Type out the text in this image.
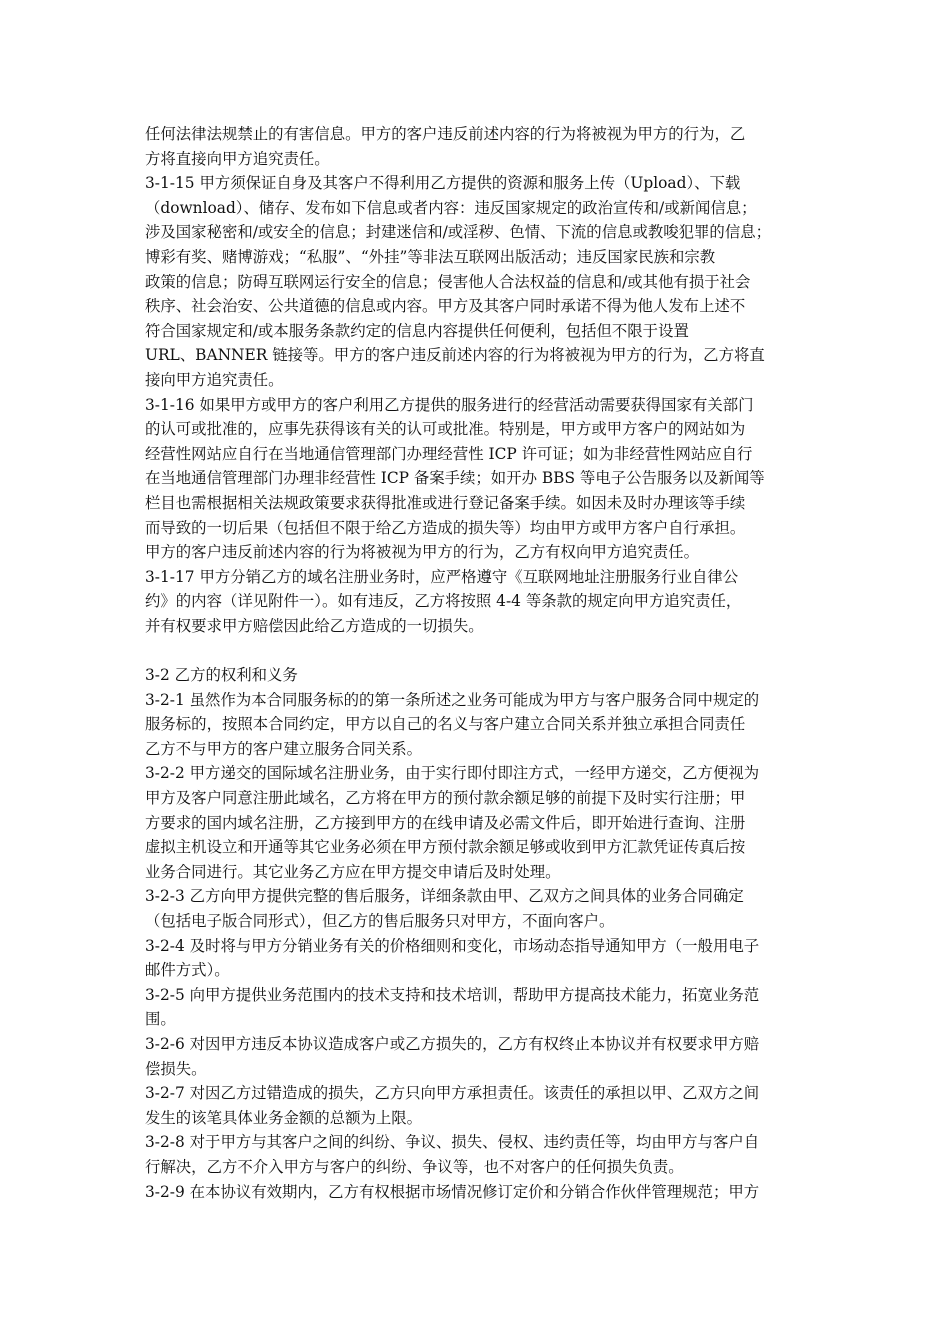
任何法律法规禁止的有害信息。甲方的客户违反前述内容的行为将被视为甲方的行为，乙
方将直接向甲方追究责任。

3-1-15 甲方须保证自身及其客户不得利用乙方提供的资源和服务上传（Upload）、下载
（download）、储存、发布如下信息或者内容：违反国家规定的政治宣传和/或新闻信息；
涉及国家秘密和/或安全的信息；封建迷信和/或淫秽、色情、下流的信息或教唆犯罪的信息；
博彩有奖、赌博游戏；“私服”、“外挂”等非法互联网出版活动；违反国家民族和宗教
政策的信息；防碍互联网运行安全的信息；侵害他人合法权益的信息和/或其他有损于社会
秩序、社会治安、公共道德的信息或内容。甲方及其客户同时承诺不得为他人发布上述不
符合国家规定和/或本服务条款约定的信息内容提供任何便利，包括但不限于设置
URL、BANNER 链接等。甲方的客户违反前述内容的行为将被视为甲方的行为，乙方将直
接向甲方追究责任。

3-1-16 如果甲方或甲方的客户利用乙方提供的服务进行的经营活动需要获得国家有关部门
的认可或批准的，应事先获得该有关的认可或批准。特别是，甲方或甲方客户的网站如为
经营性网站应自行在当地通信管理部门办理经营性 ICP 许可证；如为非经营性网站应自行
在当地通信管理部门办理非经营性 ICP 备案手续；如开办 BBS 等电子公告服务以及新闻等
栏目也需根据相关法规政策要求获得批准或进行登记备案手续。如因未及时办理该等手续
而导致的一切后果（包括但不限于给乙方造成的损失等）均由甲方或甲方客户自行承担。
甲方的客户违反前述内容的行为将被视为甲方的行为，乙方有权向甲方追究责任。

3-1-17 甲方分销乙方的域名注册业务时，应严格遵守《互联网地址注册服务行业自律公
约》的内容（详见附件一）。如有违反，乙方将按照 4-4 等条款的规定向甲方追究责任，
并有权要求甲方赔偿因此给乙方造成的一切损失。

3-2 乙方的权利和义务

3-2-1 虽然作为本合同服务标的的第一条所述之业务可能成为甲方与客户服务合同中规定的
服务标的，按照本合同约定，甲方以自己的名义与客户建立合同关系并独立承担合同责任
乙方不与甲方的客户建立服务合同关系。

3-2-2 甲方递交的国际域名注册业务，由于实行即付即注方式，一经甲方递交，乙方便视为
甲方及客户同意注册此域名，乙方将在甲方的预付款余额足够的前提下及时实行注册；甲
方要求的国内域名注册，乙方接到甲方的在线申请及必需文件后，即开始进行查询、注册
虚拟主机设立和开通等其它业务必须在甲方预付款余额足够或收到甲方汇款凭证传真后按
业务合同进行。其它业务乙方应在甲方提交申请后及时处理。

3-2-3 乙方向甲方提供完整的售后服务，详细条款由甲、乙双方之间具体的业务合同确定
（包括电子版合同形式），但乙方的售后服务只对甲方，不面向客户。

3-2-4 及时将与甲方分销业务有关的价格细则和变化，市场动态指导通知甲方（一般用电子
邮件方式）。

3-2-5 向甲方提供业务范围内的技术支持和技术培训，帮助甲方提高技术能力，拓宽业务范
围。

3-2-6 对因甲方违反本协议造成客户或乙方损失的，乙方有权终止本协议并有权要求甲方赔
偿损失。

3-2-7 对因乙方过错造成的损失，乙方只向甲方承担责任。该责任的承担以甲、乙双方之间
发生的该笔具体业务金额的总额为上限。

3-2-8 对于甲方与其客户之间的纠纷、争议、损失、侵权、违约责任等，均由甲方与客户自
行解决，乙方不介入甲方与客户的纠纷、争议等，也不对客户的任何损失负责。

3-2-9 在本协议有效期内，乙方有权根据市场情况修订定价和分销合作伙伴管理规范；甲方
